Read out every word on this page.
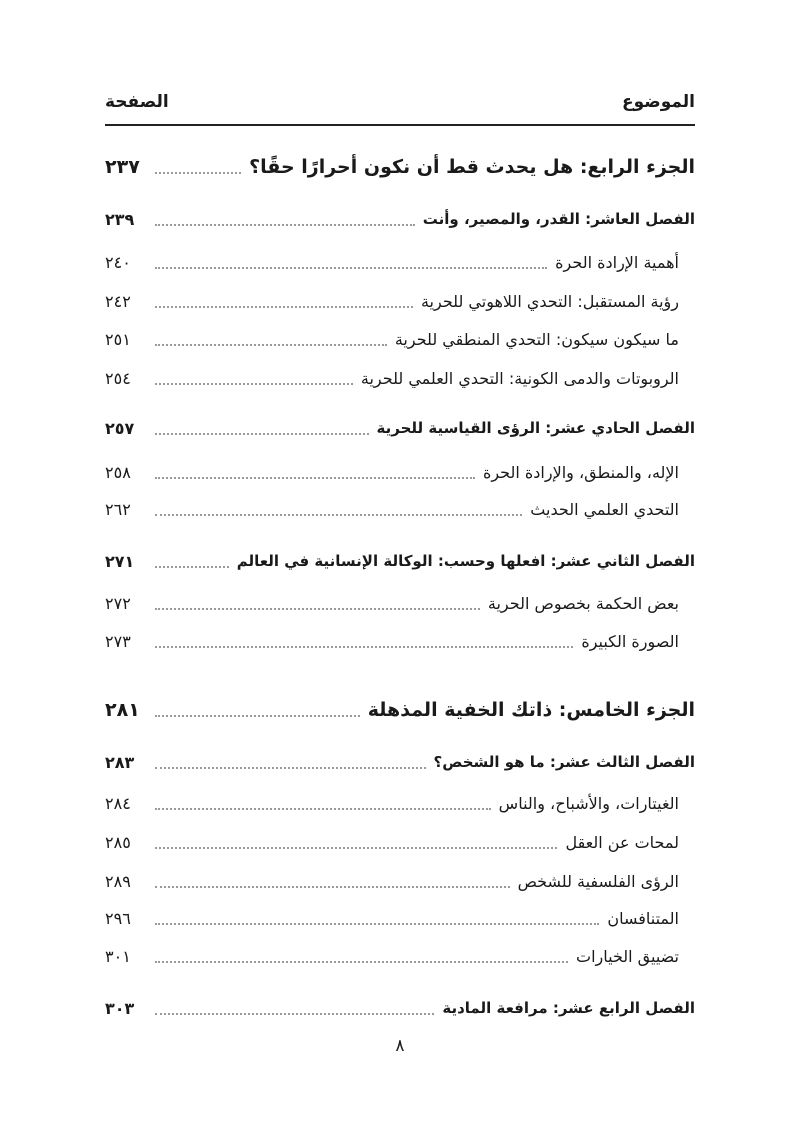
الموضوع
الصفحة
الجزء الرابع: هل يحدث قط أن نكون أحرارًا حقًا؟
٢٣٧
الفصل العاشر: القدر، والمصير، وأنت
٢٣٩
أهمية الإرادة الحرة
٢٤٠
رؤية المستقبل: التحدي اللاهوتي للحرية
٢٤٢
ما سيكون سيكون: التحدي المنطقي للحرية
٢٥١
الروبوتات والدمى الكونية: التحدي العلمي للحرية
٢٥٤
الفصل الحادي عشر: الرؤى القياسية للحرية
٢٥٧
الإله، والمنطق، والإرادة الحرة
٢٥٨
التحدي العلمي الحديث
٢٦٢
الفصل الثاني عشر: افعلها وحسب: الوكالة الإنسانية في العالم
٢٧١
بعض الحكمة بخصوص الحرية
٢٧٢
الصورة الكبيرة
٢٧٣
الجزء الخامس: ذاتك الخفية المذهلة
٢٨١
الفصل الثالث عشر: ما هو الشخص؟
٢٨٣
الغيتارات، والأشباح، والناس
٢٨٤
لمحات عن العقل
٢٨٥
الرؤى الفلسفية للشخص
٢٨٩
المتنافسان
٢٩٦
تضييق الخيارات
٣٠١
الفصل الرابع عشر: مرافعة المادية
٣٠٣
٨
